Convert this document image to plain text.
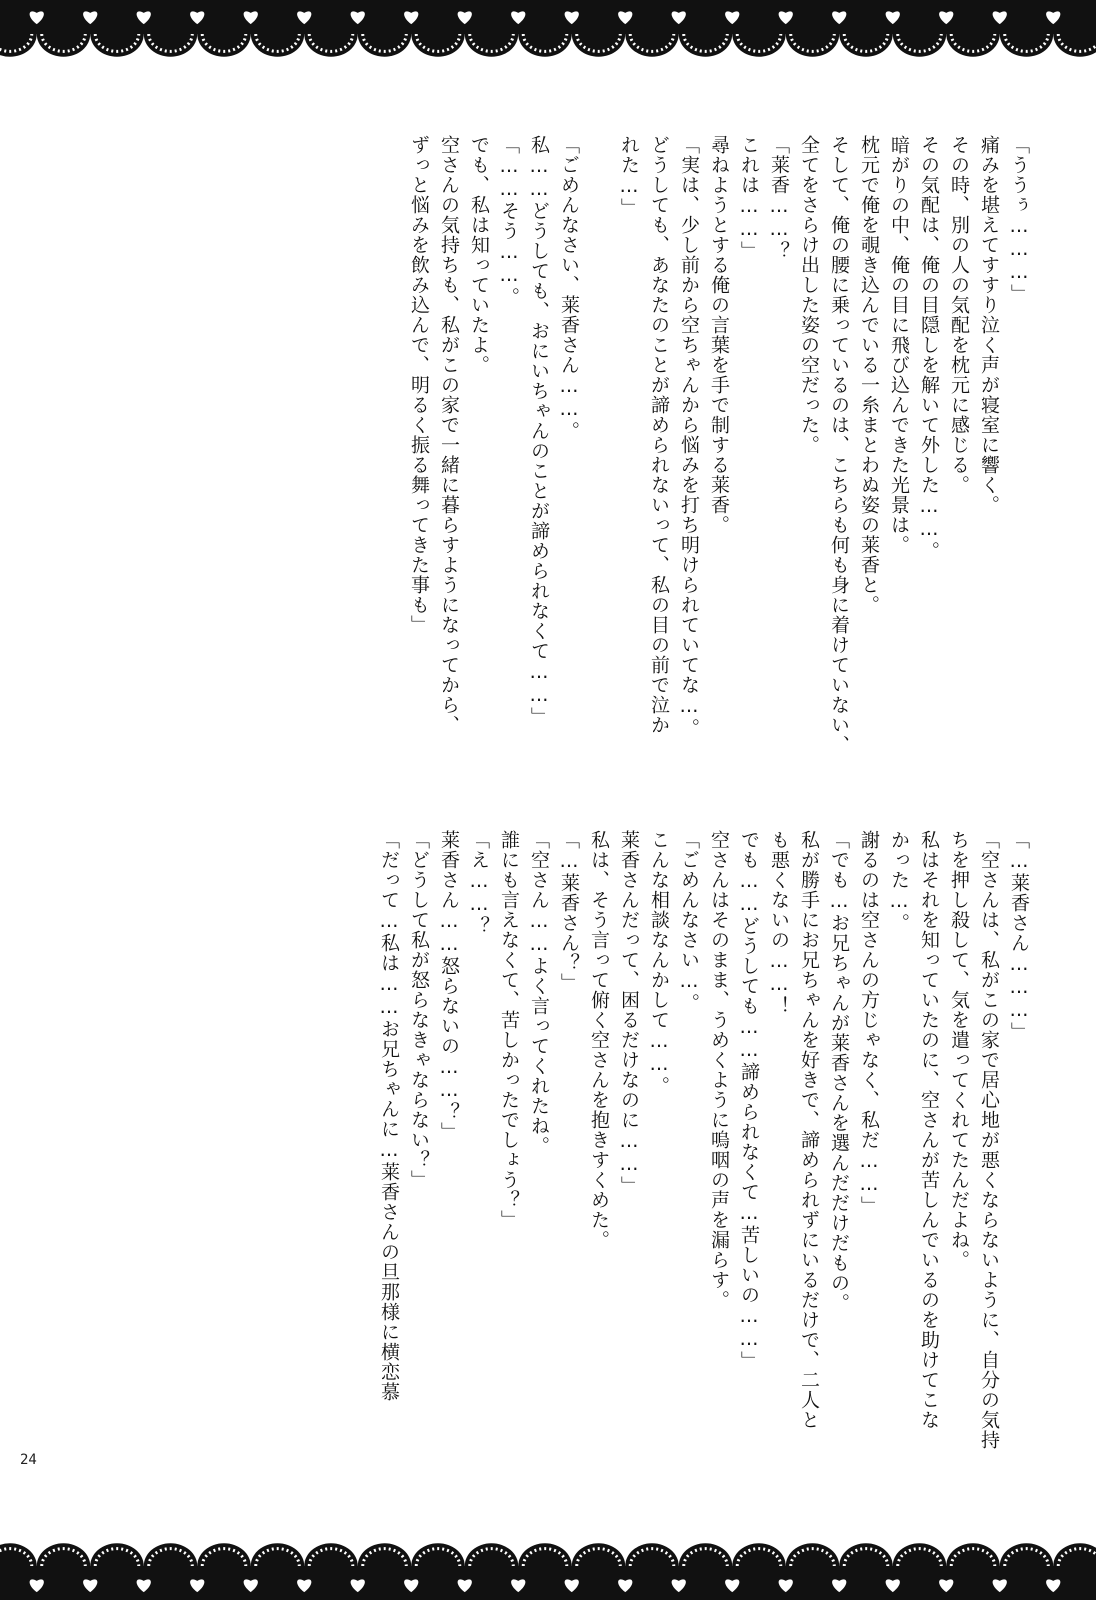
「ううぅ………」
痛みを堪えてすすり泣く声が寝室に響く。
その時、別の人の気配を枕元に感じる。
その気配は、俺の目隠しを解いて外した……。
暗がりの中、俺の目に飛び込んできた光景は。
枕元で俺を覗き込んでいる一糸まとわぬ姿の莱香と。
そして、俺の腰に乗っているのは、こちらも何も身に着けていない、
全てをさらけ出した姿の空だった。
「莱香……？
これは……」
尋ねようとする俺の言葉を手で制する莱香。
「実は、少し前から空ちゃんから悩みを打ち明けられていてな…。
どうしても、あなたのことが諦められないって、私の目の前で泣か
れた…」

「ごめんなさい、莱香さん……。
私……どうしても、おにいちゃんのことが諦められなくて……」
「……そう……。
でも、私は知っていたよ。
空さんの気持ちも、私がこの家で一緒に暮らすようになってから、
ずっと悩みを飲み込んで、明るく振る舞ってきた事も」
「…莱香さん………」
「空さんは、私がこの家で居心地が悪くならないように、自分の気持
ちを押し殺して、気を遣ってくれてたんだよね。
私はそれを知っていたのに、空さんが苦しんでいるのを助けてこな
かった…。
謝るのは空さんの方じゃなく、私だ……」
「でも…お兄ちゃんが莱香さんを選んだだけだもの。
私が勝手にお兄ちゃんを好きで、諦められずにいるだけで、二人と
も悪くないの……！
でも……どうしても……諦められなくて…苦しいの……」
空さんはそのまま、うめくように嗚咽の声を漏らす。
「ごめんなさい…。
こんな相談なんかして……。
莱香さんだって、困るだけなのに……」
私は、そう言って俯く空さんを抱きすくめた。
「…莱香さん？」
「空さん……よく言ってくれたね。
誰にも言えなくて、苦しかったでしょう？」
「え……？
莱香さん……怒らないの……？」
「どうして私が怒らなきゃならない？」
「だって…私は……お兄ちゃんに…莱香さんの旦那様に横恋慕
24
